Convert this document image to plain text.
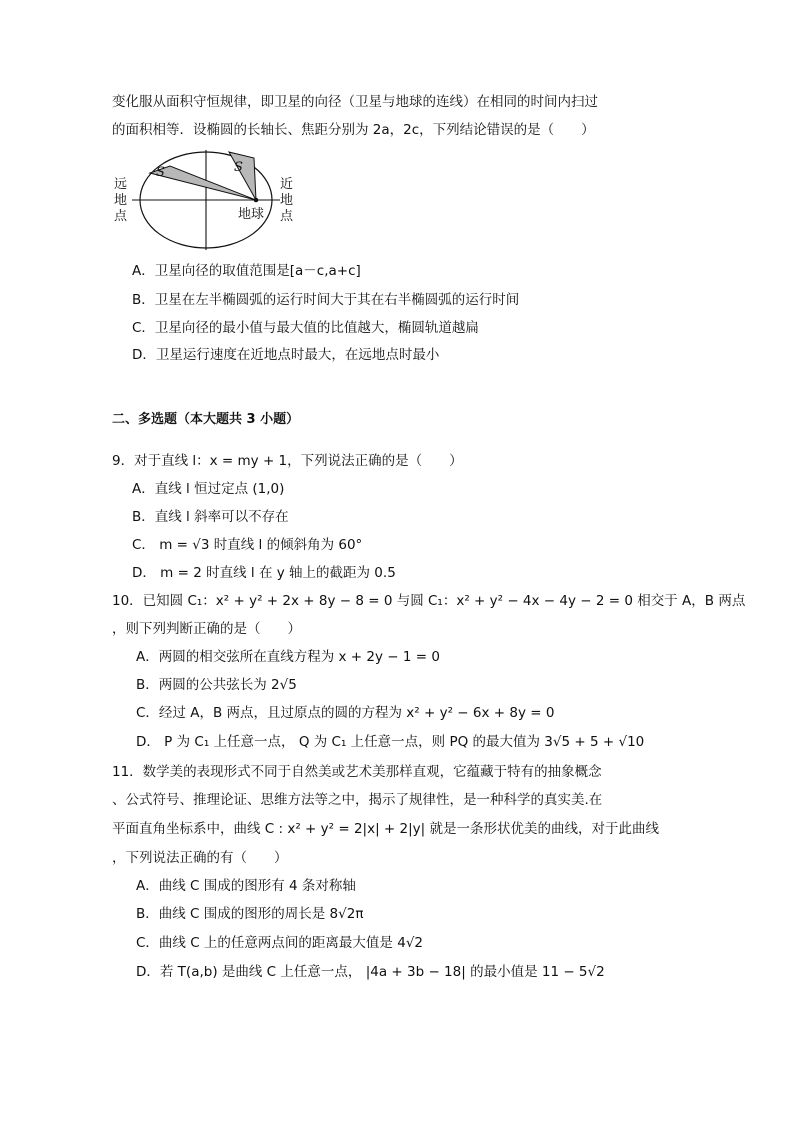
变化服从面积守恒规律，即卫星的向径（卫星与地球的连线）在相同的时间内扫过
的面积相等．设椭圆的长轴长、焦距分别为 2a，2c，下列结论错误的是（　　）
S	S
远
地
点
近
地
点
地球
A．卫星向径的取值范围是[a－c,a+c]
B．卫星在左半椭圆弧的运行时间大于其在右半椭圆弧的运行时间
C．卫星向径的最小值与最大值的比值越大，椭圆轨道越扁
D．卫星运行速度在近地点时最大，在远地点时最小
二、多选题（本大题共 3 小题）
9．对于直线 l：x = my + 1，下列说法正确的是（　　）
A．直线 l 恒过定点 (1,0)
B．直线 l 斜率可以不存在
C． m = √3 时直线 l 的倾斜角为 60°
D． m = 2 时直线 l 在 y 轴上的截距为 0.5
10．已知圆 C₁：x² + y² + 2x + 8y − 8 = 0 与圆 C₁：x² + y² − 4x − 4y − 2 = 0 相交于 A，B 两点
，则下列判断正确的是（　　）
A．两圆的相交弦所在直线方程为 x + 2y − 1 = 0
B．两圆的公共弦长为 2√5
C．经过 A，B 两点，且过原点的圆的方程为 x² + y² − 6x + 8y = 0
D． P 为 C₁ 上任意一点， Q 为 C₁ 上任意一点，则 PQ 的最大值为 3√5 + 5 + √10
11．数学美的表现形式不同于自然美或艺术美那样直观，它蕴藏于特有的抽象概念
、公式符号、推理论证、思维方法等之中，揭示了规律性，是一种科学的真实美.在
平面直角坐标系中，曲线 C : x² + y² = 2|x| + 2|y| 就是一条形状优美的曲线，对于此曲线
，下列说法正确的有（　　）
A．曲线 C 围成的图形有 4 条对称轴
B．曲线 C 围成的图形的周长是 8√2π
C．曲线 C 上的任意两点间的距离最大值是 4√2
D．若 T(a,b) 是曲线 C 上任意一点， |4a + 3b − 18| 的最小值是 11 − 5√2
